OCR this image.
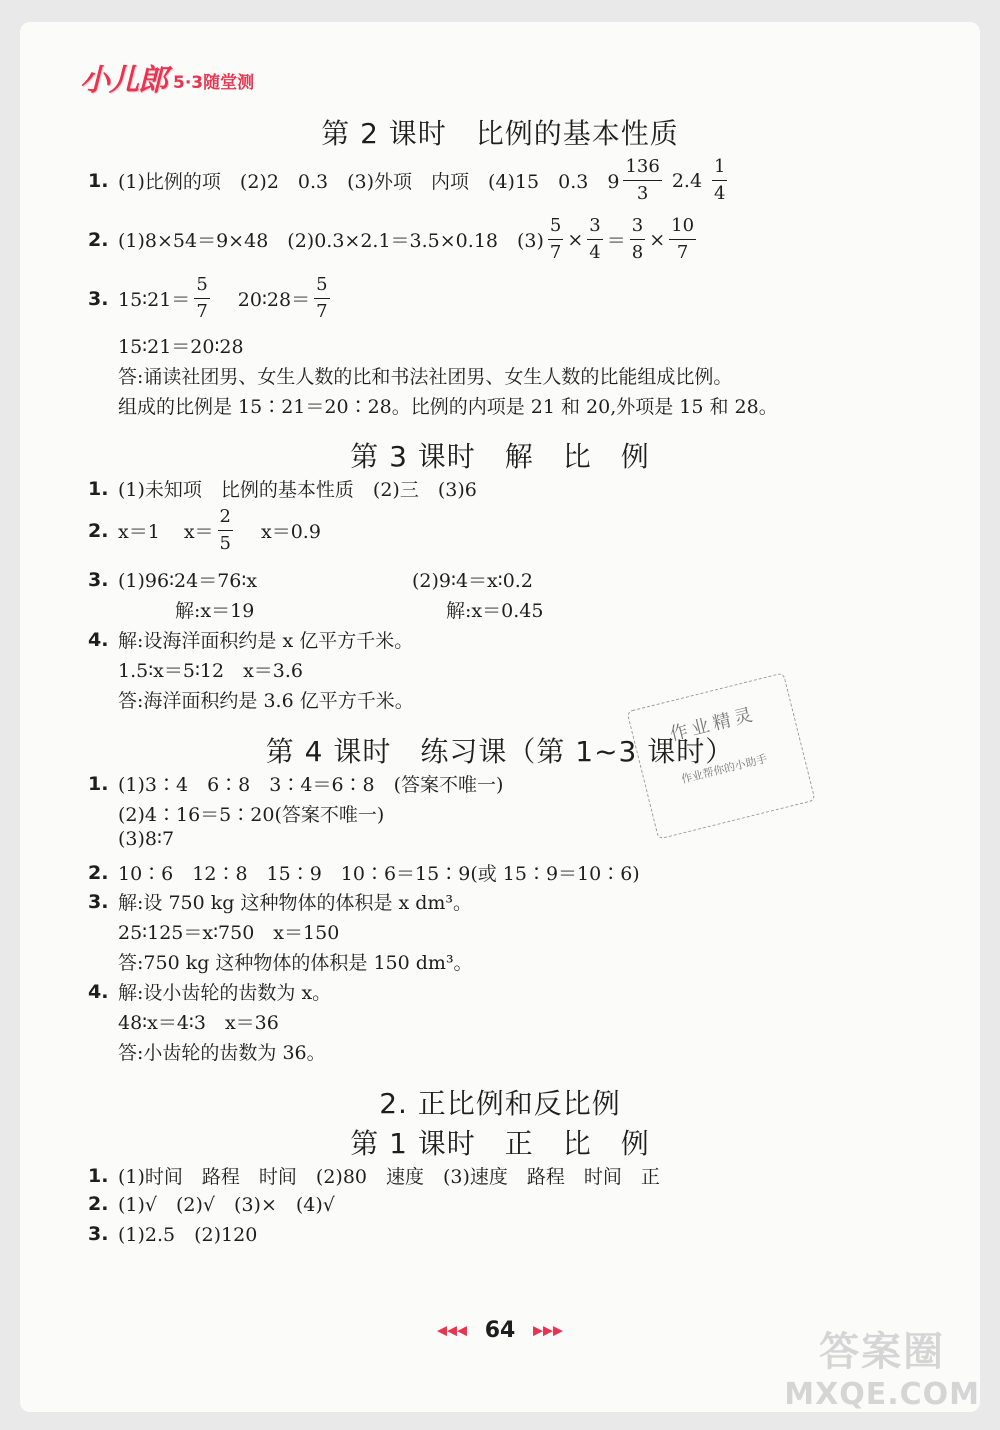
小儿郎 5·3随堂测
第 2 课时　比例的基本性质
1. (1)比例的项　(2)2　0.3　(3)外项　内项　(4)15　0.3　$9 \frac{136}{3} 2.4 \frac{1}{4}$
2. (1)8×54＝9×48　(2)0.3×2.1＝3.5×0.18　$(3) \frac{5}{7} \times \frac{3}{4} = \frac{3}{8} \times \frac{10}{7}$
3. 15∶21＝ $\frac{5}{7}$ 20∶28＝ $\frac{5}{7}$
15∶21＝20∶28
答:诵读社团男、女生人数的比和书法社团男、女生人数的比能组成比例。
组成的比例是 15∶21＝20∶28。比例的内项是 21 和 20,外项是 15 和 28。
第 3 课时　解　比　例
1. (1)未知项　比例的基本性质　(2)三　(3)6
2. x＝1 $x= \frac{2}{5} x=0.9$
3. (1)96∶24＝76∶x	(2)9∶4＝x∶0.2
解:x＝19	解:x＝0.45
4. 解:设海洋面积约是 x 亿平方千米。
1.5∶x＝5∶12　x＝3.6
答:海洋面积约是 3.6 亿平方千米。
第 4 课时　练习课（第 1~3 课时）
1. (1)3∶4　6∶8　3∶4＝6∶8　(答案不唯一)
(2)4∶16＝5∶20(答案不唯一)
(3)8∶7
2. 10∶6　12∶8　15∶9　10∶6＝15∶9(或 15∶9＝10∶6)
3. 解:设 750 kg 这种物体的体积是 x dm³。
25∶125＝x∶750　x＝150
答:750 kg 这种物体的体积是 150 dm³。
4. 解:设小齿轮的齿数为 x。
48∶x＝4∶3　x＝36
答:小齿轮的齿数为 36。
2. 正比例和反比例
第 1 课时　正　比　例
1. (1)时间　路程　时间　(2)80　速度　(3)速度　路程　时间　正
2. (1)√　(2)√　(3)×　(4)√
3. (1)2.5　(2)120
作业精灵
作业帮你的小助手
◀◀◀ 64 ▶▶▶	答案圈
MXQE.COM
